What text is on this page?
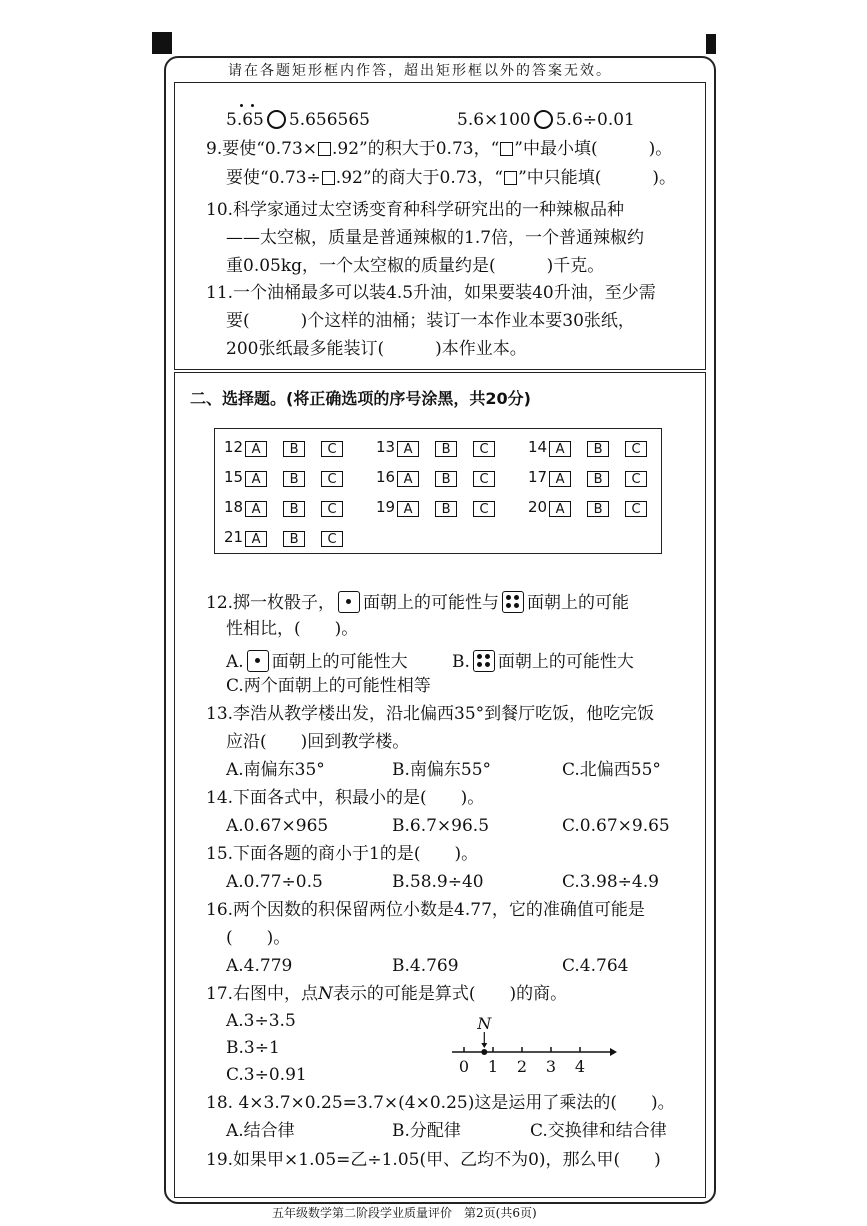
请在各题矩形框内作答，超出矩形框以外的答案无效。
5.65 5.656565	5.6×100 5.6÷0.01
9.要使“0.73× .92”的积大于0.73，“ ”中最小填(　　　)。
要使“0.73÷ .92”的商大于0.73，“ ”中只能填(　　　)。
10.科学家通过太空诱变育种科学研究出的一种辣椒品种
——太空椒，质量是普通辣椒的1.7倍，一个普通辣椒约
重0.05kg，一个太空椒的质量约是(　　　)千克。
11.一个油桶最多可以装4.5升油，如果要装40升油，至少需
要(　　　)个这样的油桶；装订一本作业本要30张纸，
200张纸最多能装订(　　　)本作业本。
二、选择题。(将正确选项的序号涂黑，共20分)
12 A B C	13 A B C	14 A B C
15 A B C	16 A B C	17 A B C
18 A B C	19 A B C	20 A B C
21 A B C
12.掷一枚骰子， 面朝上的可能性与 面朝上的可能
性相比，(　　)。
A. 面朝上的可能性大	B. 面朝上的可能性大
C.两个面朝上的可能性相等
13.李浩从教学楼出发，沿北偏西35°到餐厅吃饭，他吃完饭
应沿(　　)回到教学楼。
A.南偏东35°	B.南偏东55°	C.北偏西55°
14.下面各式中，积最小的是(　　)。
A.0.67×965	B.6.7×96.5	C.0.67×9.65
15.下面各题的商小于1的是(　　)。
A.0.77÷0.5	B.58.9÷40	C.3.98÷4.9
16.两个因数的积保留两位小数是4.77，它的准确值可能是
(　　)。
A.4.779	B.4.769	C.4.764
17.右图中，点N表示的可能是算式(　　)的商。
A.3÷3.5
B.3÷1
C.3÷0.91	0 1 2 3 4
N
18. 4×3.7×0.25=3.7×(4×0.25)这是运用了乘法的(　　)。
A.结合律	B.分配律	C.交换律和结合律
19.如果甲×1.05=乙÷1.05(甲、乙均不为0)，那么甲(　　)
五年级数学第二阶段学业质量评价　第2页(共6页)
